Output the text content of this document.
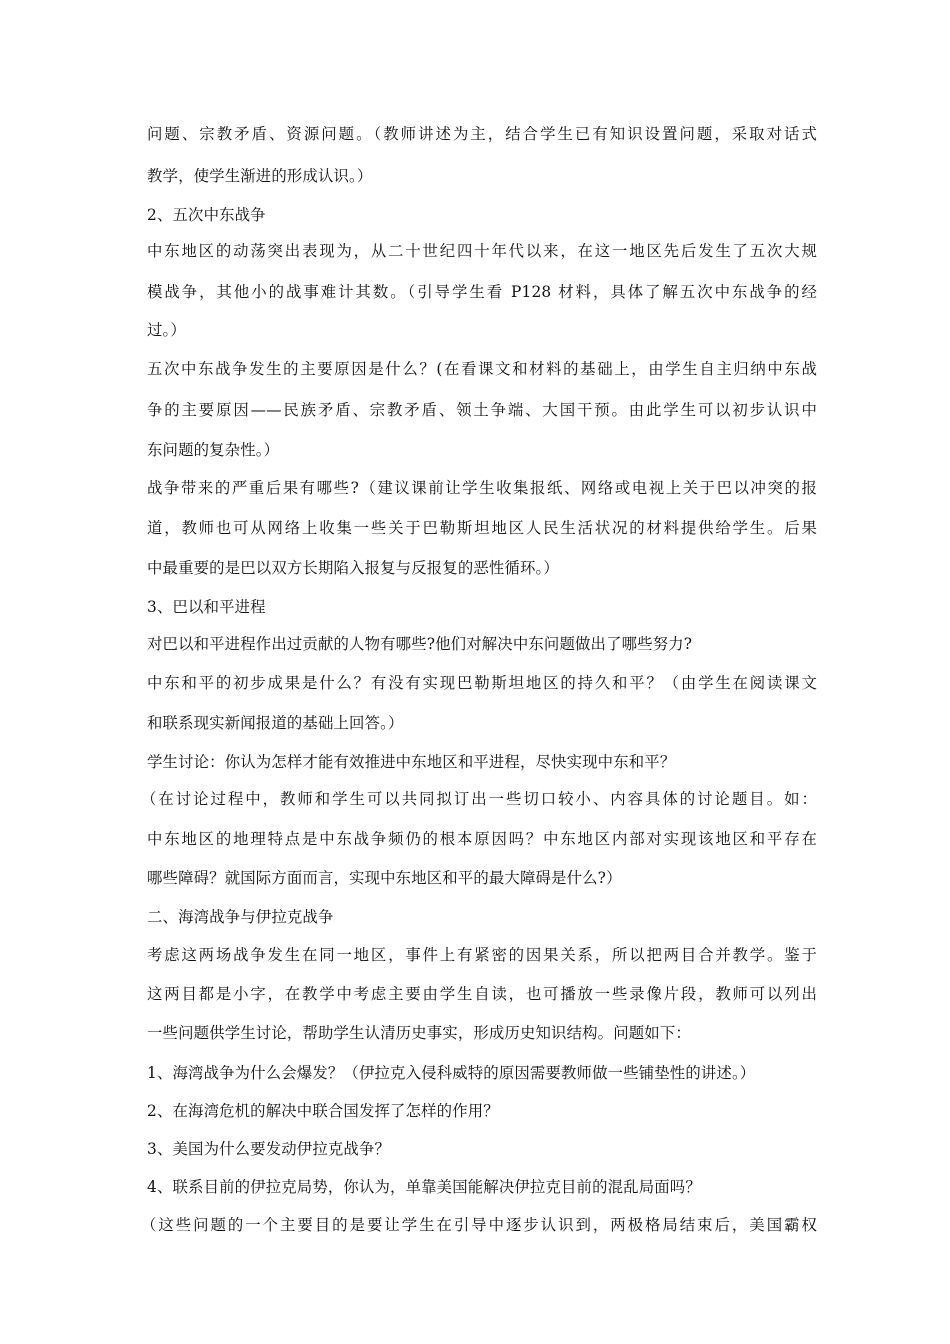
问题、宗教矛盾、资源问题。（教师讲述为主，结合学生已有知识设置问题，采取对话式
教学，使学生渐进的形成认识。）
2、五次中东战争
中东地区的动荡突出表现为，从二十世纪四十年代以来，在这一地区先后发生了五次大规
模战争，其他小的战事难计其数。（引导学生看 P128 材料，具体了解五次中东战争的经
过。）
五次中东战争发生的主要原因是什么？(在看课文和材料的基础上，由学生自主归纳中东战
争的主要原因——民族矛盾、宗教矛盾、领土争端、大国干预。由此学生可以初步认识中
东问题的复杂性。）
战争带来的严重后果有哪些?（建议课前让学生收集报纸、网络或电视上关于巴以冲突的报
道，教师也可从网络上收集一些关于巴勒斯坦地区人民生活状况的材料提供给学生。后果
中最重要的是巴以双方长期陷入报复与反报复的恶性循环。）
3、巴以和平进程
对巴以和平进程作出过贡献的人物有哪些?他们对解决中东问题做出了哪些努力?
中东和平的初步成果是什么？有没有实现巴勒斯坦地区的持久和平？（由学生在阅读课文
和联系现实新闻报道的基础上回答。）
学生讨论：你认为怎样才能有效推进中东地区和平进程，尽快实现中东和平？
（在讨论过程中，教师和学生可以共同拟订出一些切口较小、内容具体的讨论题目。如：
中东地区的地理特点是中东战争频仍的根本原因吗？中东地区内部对实现该地区和平存在
哪些障碍？就国际方面而言，实现中东地区和平的最大障碍是什么?）
二、海湾战争与伊拉克战争
考虑这两场战争发生在同一地区，事件上有紧密的因果关系，所以把两目合并教学。鉴于
这两目都是小字，在教学中考虑主要由学生自读，也可播放一些录像片段，教师可以列出
一些问题供学生讨论，帮助学生认清历史事实，形成历史知识结构。问题如下：
1、海湾战争为什么会爆发？（伊拉克入侵科威特的原因需要教师做一些铺垫性的讲述。）
2、在海湾危机的解决中联合国发挥了怎样的作用？
3、美国为什么要发动伊拉克战争？
4、联系目前的伊拉克局势，你认为，单靠美国能解决伊拉克目前的混乱局面吗？
（这些问题的一个主要目的是要让学生在引导中逐步认识到，两极格局结束后，美国霸权
